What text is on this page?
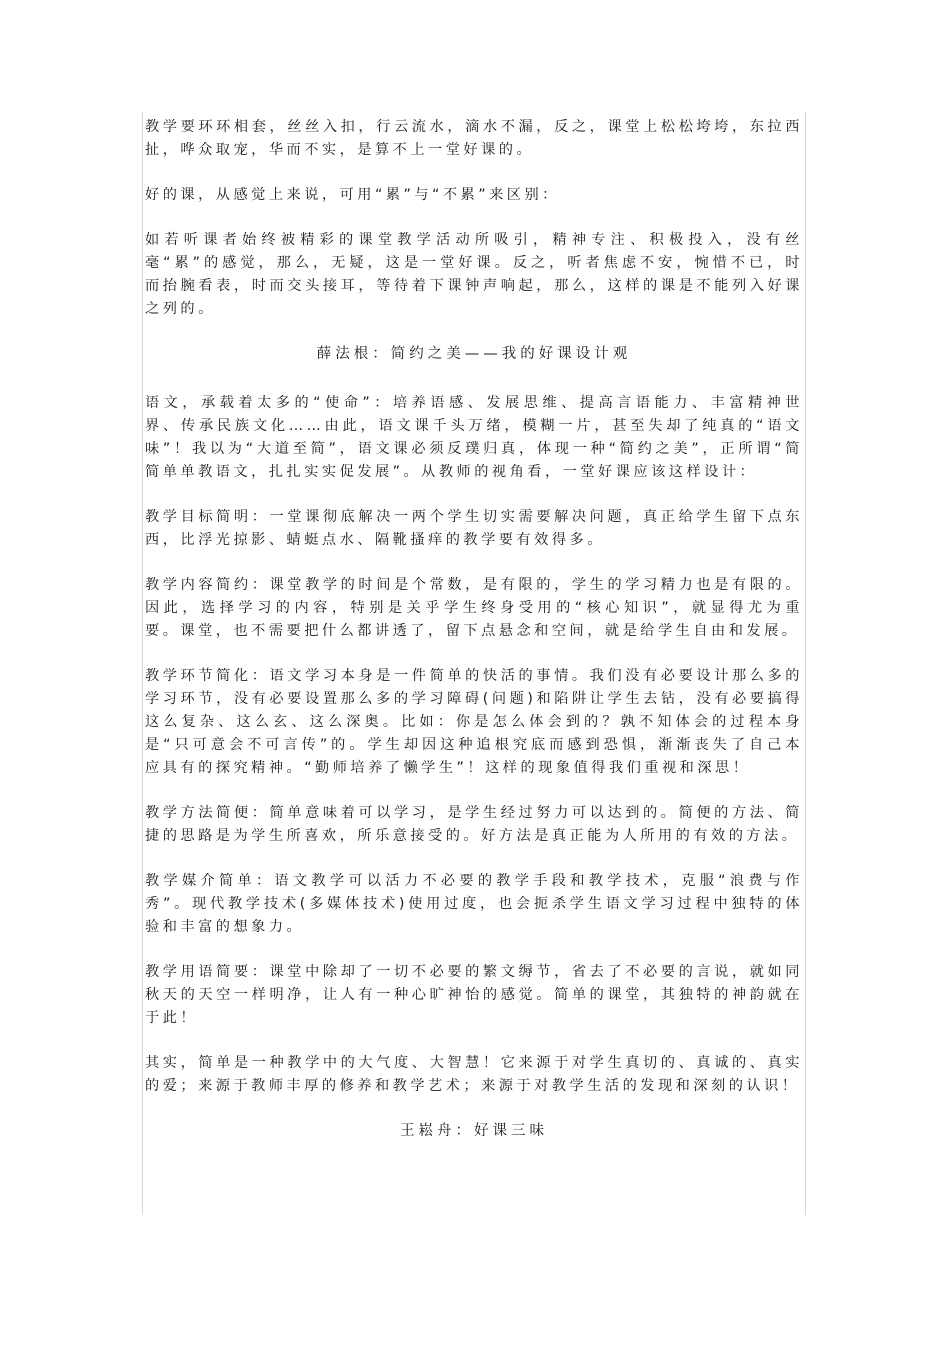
教学要环环相套，丝丝入扣，行云流水，滴水不漏，反之，课堂上松松垮垮，东拉西扯，哗众取宠，华而不实，是算不上一堂好课的。

好的课，从感觉上来说，可用“累”与“不累”来区别：

如若听课者始终被精彩的课堂教学活动所吸引，精神专注、积极投入，没有丝毫“累”的感觉，那么，无疑，这是一堂好课。反之，听者焦虑不安，惋惜不已，时而抬腕看表，时而交头接耳，等待着下课钟声响起，那么，这样的课是不能列入好课之列的。

薛法根：简约之美——我的好课设计观

语文，承载着太多的“使命”：培养语感、发展思维、提高言语能力、丰富精神世界、传承民族文化……由此，语文课千头万绪，模糊一片，甚至失却了纯真的“语文味”！我以为“大道至简”，语文课必须反璞归真，体现一种“简约之美”，正所谓“简简单单教语文，扎扎实实促发展”。从教师的视角看，一堂好课应该这样设计：

教学目标简明：一堂课彻底解决一两个学生切实需要解决问题，真正给学生留下点东西，比浮光掠影、蜻蜓点水、隔靴搔痒的教学要有效得多。

教学内容简约：课堂教学的时间是个常数，是有限的，学生的学习精力也是有限的。因此，选择学习的内容，特别是关乎学生终身受用的“核心知识”，就显得尤为重要。课堂，也不需要把什么都讲透了，留下点悬念和空间，就是给学生自由和发展。

教学环节简化：语文学习本身是一件简单的快活的事情。我们没有必要设计那么多的学习环节，没有必要设置那么多的学习障碍(问题)和陷阱让学生去钻，没有必要搞得这么复杂、这么玄、这么深奥。比如：你是怎么体会到的？孰不知体会的过程本身是“只可意会不可言传”的。学生却因这种追根究底而感到恐惧，渐渐丧失了自己本应具有的探究精神。“勤师培养了懒学生”！这样的现象值得我们重视和深思！

教学方法简便：简单意味着可以学习，是学生经过努力可以达到的。简便的方法、简捷的思路是为学生所喜欢，所乐意接受的。好方法是真正能为人所用的有效的方法。

教学媒介简单：语文教学可以活力不必要的教学手段和教学技术，克服“浪费与作秀”。现代教学技术(多媒体技术)使用过度，也会扼杀学生语文学习过程中独特的体验和丰富的想象力。

教学用语简要：课堂中除却了一切不必要的繁文缛节，省去了不必要的言说，就如同秋天的天空一样明净，让人有一种心旷神怡的感觉。简单的课堂，其独特的神韵就在于此！

其实，简单是一种教学中的大气度、大智慧！它来源于对学生真切的、真诚的、真实的爱；来源于教师丰厚的修养和教学艺术；来源于对教学生活的发现和深刻的认识！

王崧舟：好课三味
